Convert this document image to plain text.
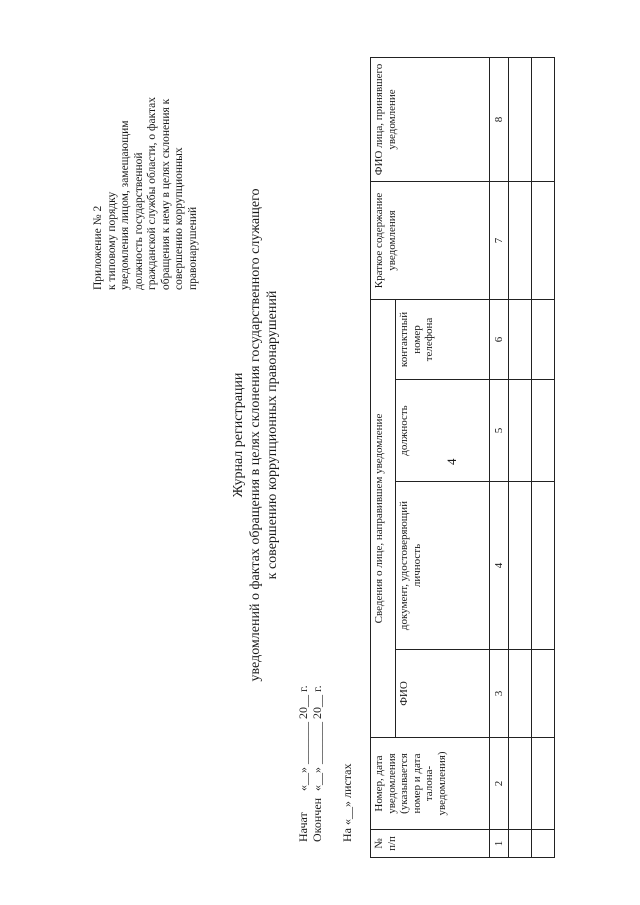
4
Приложение № 2 к типовому порядку уведомления лицом, замещающим должность государственной гражданской службы области, о фактах обращения к нему в целях склонения к совершению коррупционных правонарушений
Журнал регистрации уведомлений о фактах обращения в целях склонения государственного служащего к совершению коррупционных правонарушений
Начат «__» _______ 20__ г.
Окончен «__» _______ 20__ г.
На «__» листах
№ п/п	Номер, дата уведомления (указывается номер и дата талона-уведомления)	Сведения о лице, направившем уведомление				Краткое содержание уведомления	ФИО лица, принявшего уведомление
		ФИО	документ, удостоверяющий личность	должность	контактный номер телефона		
1	2	3	4	5	6	7	8
